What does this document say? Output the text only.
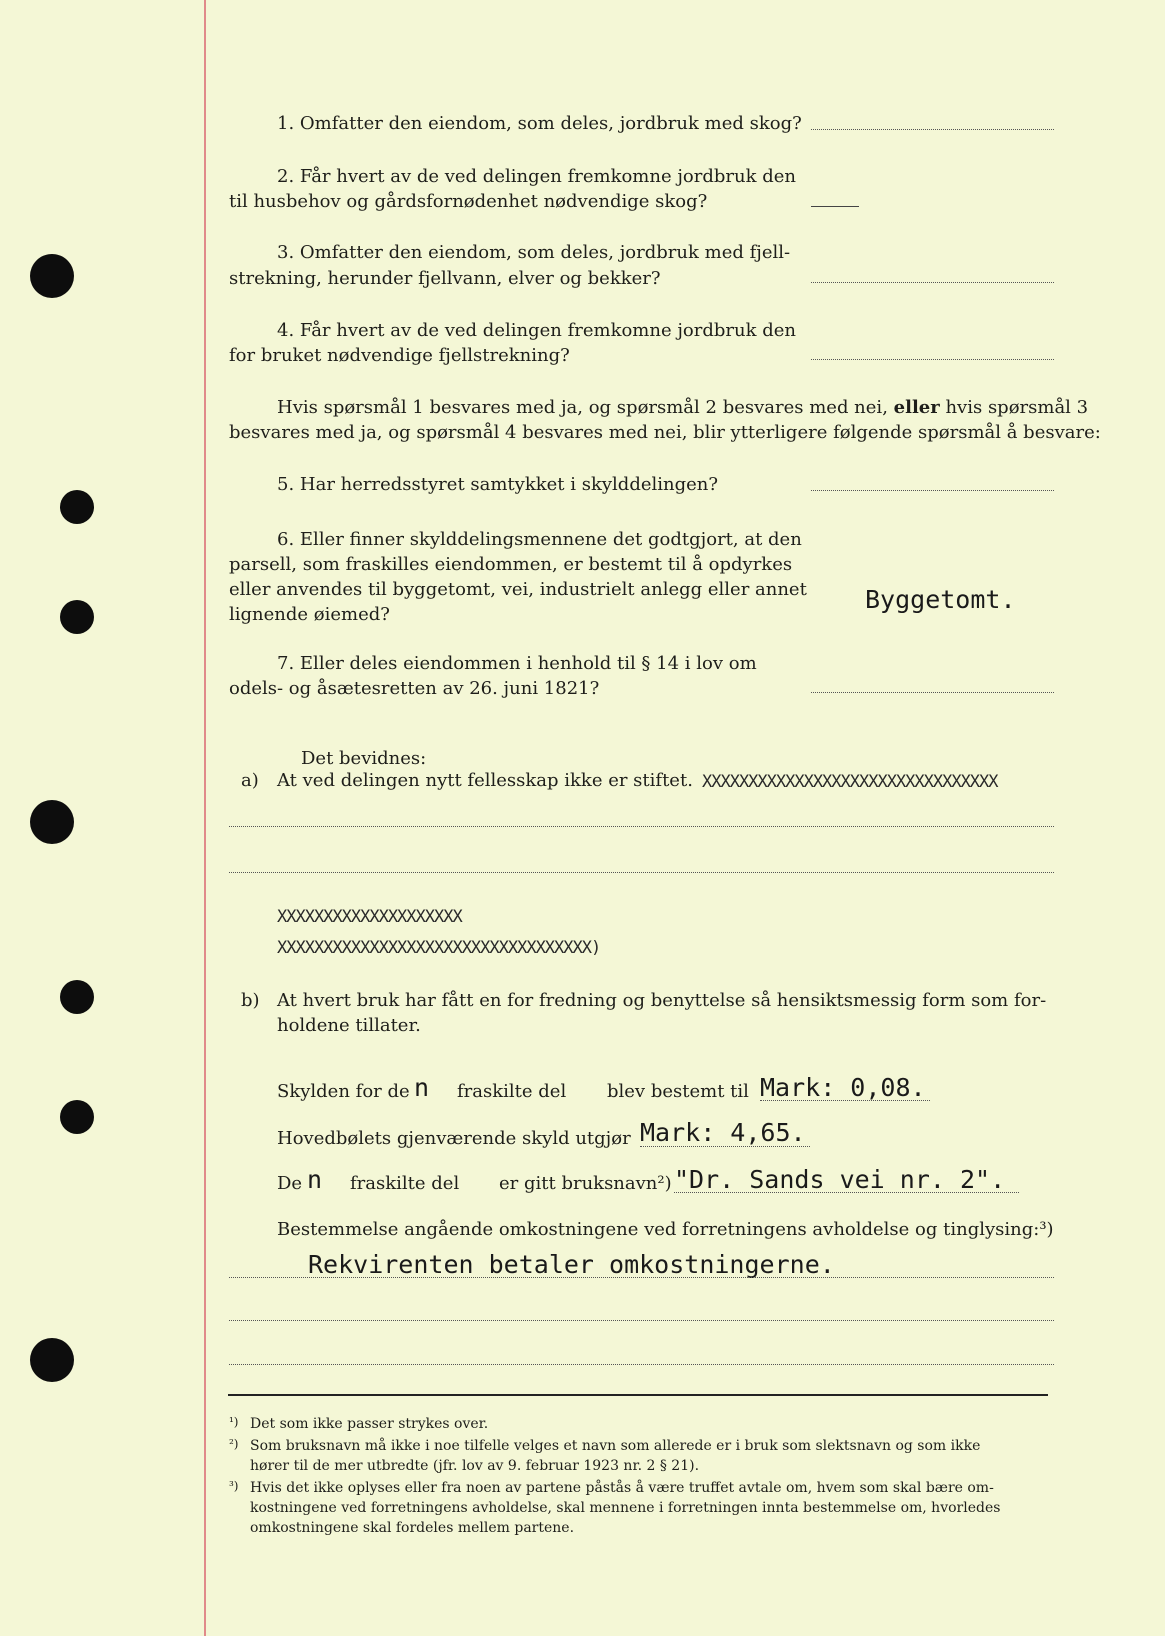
1. Omfatter den eiendom, som deles, jordbruk med skog?
2. Får hvert av de ved delingen fremkomne jordbruk den
til husbehov og gårdsfornødenhet nødvendige skog?
3. Omfatter den eiendom, som deles, jordbruk med fjell-
strekning, herunder fjellvann, elver og bekker?
4. Får hvert av de ved delingen fremkomne jordbruk den
for bruket nødvendige fjellstrekning?
Hvis spørsmål 1 besvares med ja, og spørsmål 2 besvares med nei, eller hvis spørsmål 3
besvares med ja, og spørsmål 4 besvares med nei, blir ytterligere følgende spørsmål å besvare:
5. Har herredsstyret samtykket i skylddelingen?
6. Eller finner skylddelingsmennene det godtgjort, at den
parsell, som fraskilles eiendommen, er bestemt til å opdyrkes
eller anvendes til byggetomt, vei, industrielt anlegg eller annet
lignende øiemed?
Byggetomt.
7. Eller deles eiendommen i henhold til § 14 i lov om
odels- og åsætesretten av 26. juni 1821?
Det bevidnes:
a) At ved delingen nytt fellesskap ikke er stiftet. XXXXXXXXXXXXXXXXXXXXXXXXXXXXXXXX
XXXXXXXXXXXXXXXXXXXX
XXXXXXXXXXXXXXXXXXXXXXXXXXXXXXXXXX)
b) At hvert bruk har fått en for fredning og benyttelse så hensiktsmessig form som for-
holdene tillater.
Skylden for de n fraskilte del blev bestemt til Mark: 0,08.
Hovedbølets gjenværende skyld utgjør Mark: 4,65.
De n fraskilte del er gitt bruksnavn²) "Dr. Sands vei nr. 2".
Bestemmelse angående omkostningene ved forretningens avholdelse og tinglysing:³)
Rekvirenten betaler omkostningerne.
¹) Det som ikke passer strykes over.
²) Som bruksnavn må ikke i noe tilfelle velges et navn som allerede er i bruk som slektsnavn og som ikke
hører til de mer utbredte (jfr. lov av 9. februar 1923 nr. 2 § 21).
³) Hvis det ikke oplyses eller fra noen av partene påstås å være truffet avtale om, hvem som skal bære om-
kostningene ved forretningens avholdelse, skal mennene i forretningen innta bestemmelse om, hvorledes
omkostningene skal fordeles mellem partene.
